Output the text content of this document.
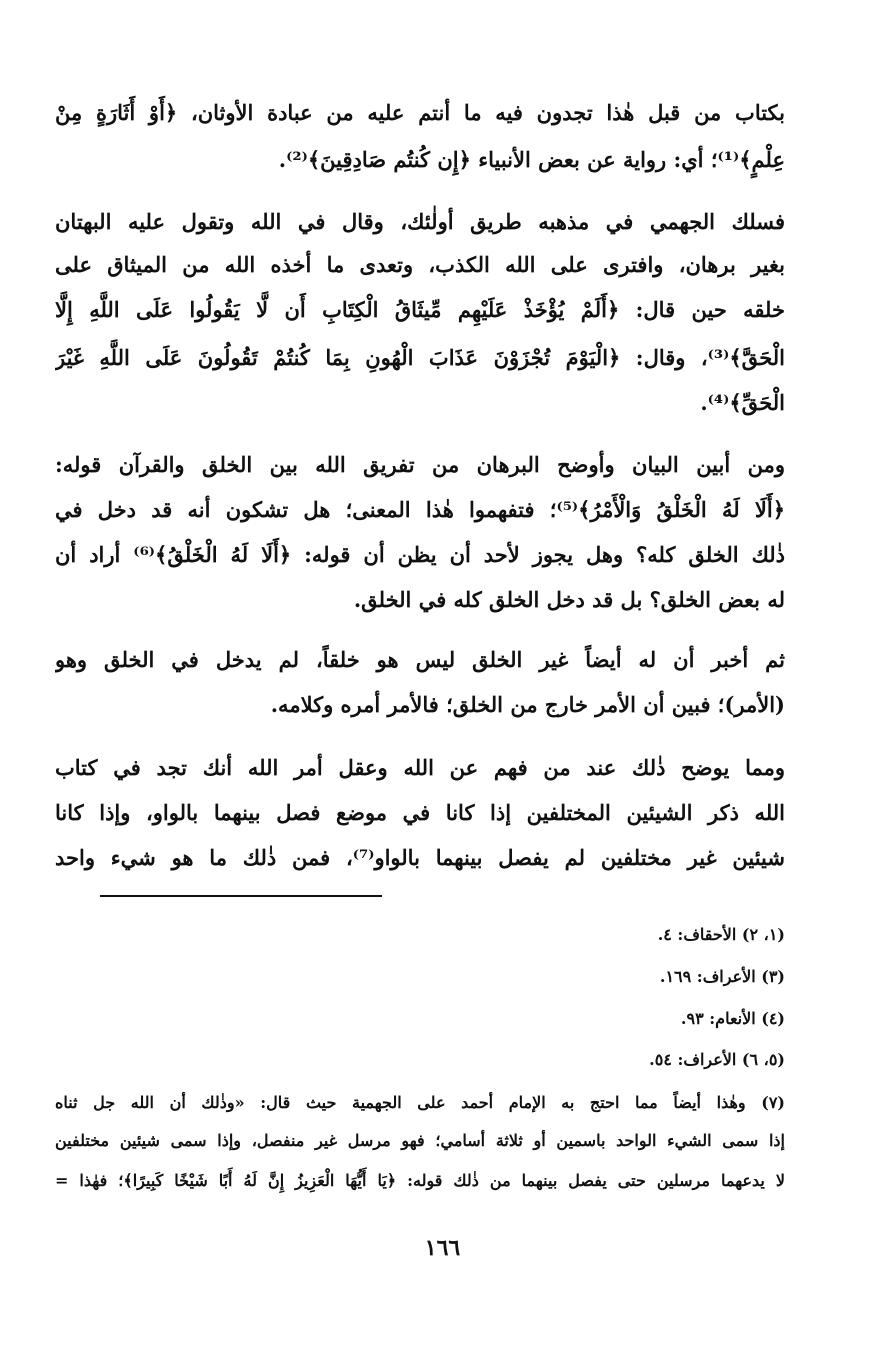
بكتاب من قبل هٰذا تجدون فيه ما أنتم عليه من عبادة الأوثان، ﴿أَوْ أَثَارَةٍ مِنْ
عِلْمٍ﴾⁽¹⁾؛ أي: رواية عن بعض الأنبياء ﴿إِن كُنتُم صَادِقِينَ﴾⁽²⁾.
فسلك الجهمي في مذهبه طريق أولٰئك، وقال في الله وتقول عليه البهتان
بغير برهان، وافترى على الله الكذب، وتعدى ما أخذه الله من الميثاق على
خلقه حين قال: ﴿أَلَمْ يُؤْخَذْ عَلَيْهِم مِّيثَاقُ الْكِتَابِ أَن لَّا يَقُولُوا عَلَى اللَّهِ إِلَّا
الْحَقَّ﴾⁽³⁾، وقال: ﴿الْيَوْمَ تُجْزَوْنَ عَذَابَ الْهُونِ بِمَا كُنتُمْ تَقُولُونَ عَلَى اللَّهِ غَيْرَ
الْحَقِّ﴾⁽⁴⁾.
ومن أبين البيان وأوضح البرهان من تفريق الله بين الخلق والقرآن قوله:
﴿أَلَا لَهُ الْخَلْقُ وَالْأَمْرُ﴾⁽⁵⁾؛ فتفهموا هٰذا المعنى؛ هل تشكون أنه قد دخل في
ذٰلك الخلق كله؟ وهل يجوز لأحد أن يظن أن قوله: ﴿أَلَا لَهُ الْخَلْقُ﴾⁽⁶⁾ أراد أن
له بعض الخلق؟ بل قد دخل الخلق كله في الخلق.
ثم أخبر أن له أيضاً غير الخلق ليس هو خلقاً، لم يدخل في الخلق وهو
(الأمر)؛ فبين أن الأمر خارج من الخلق؛ فالأمر أمره وكلامه.
ومما يوضح ذٰلك عند من فهم عن الله وعقل أمر الله أنك تجد في كتاب
الله ذكر الشيئين المختلفين إذا كانا في موضع فصل بينهما بالواو، وإذا كانا
شيئين غير مختلفين لم يفصل بينهما بالواو⁽⁷⁾، فمن ذٰلك ما هو شيء واحد
(١، ٢) الأحقاف: ٤.
(٣) الأعراف: ١٦٩.
(٤) الأنعام: ٩٣.
(٥، ٦) الأعراف: ٥٤.
(٧) وهٰذا أيضاً مما احتج به الإمام أحمد على الجهمية حيث قال: «وذٰلك أن الله جل ثناه
إذا سمى الشيء الواحد باسمين أو ثلاثة أسامي؛ فهو مرسل غير منفصل، وإذا سمى شيئين مختلفين
لا يدعهما مرسلين حتى يفصل بينهما من ذٰلك قوله: ﴿يَا أَيُّهَا الْعَزِيزُ إِنَّ لَهُ أَبًا شَيْخًا كَبِيرًا﴾؛ فهٰذا =
١٦٦
